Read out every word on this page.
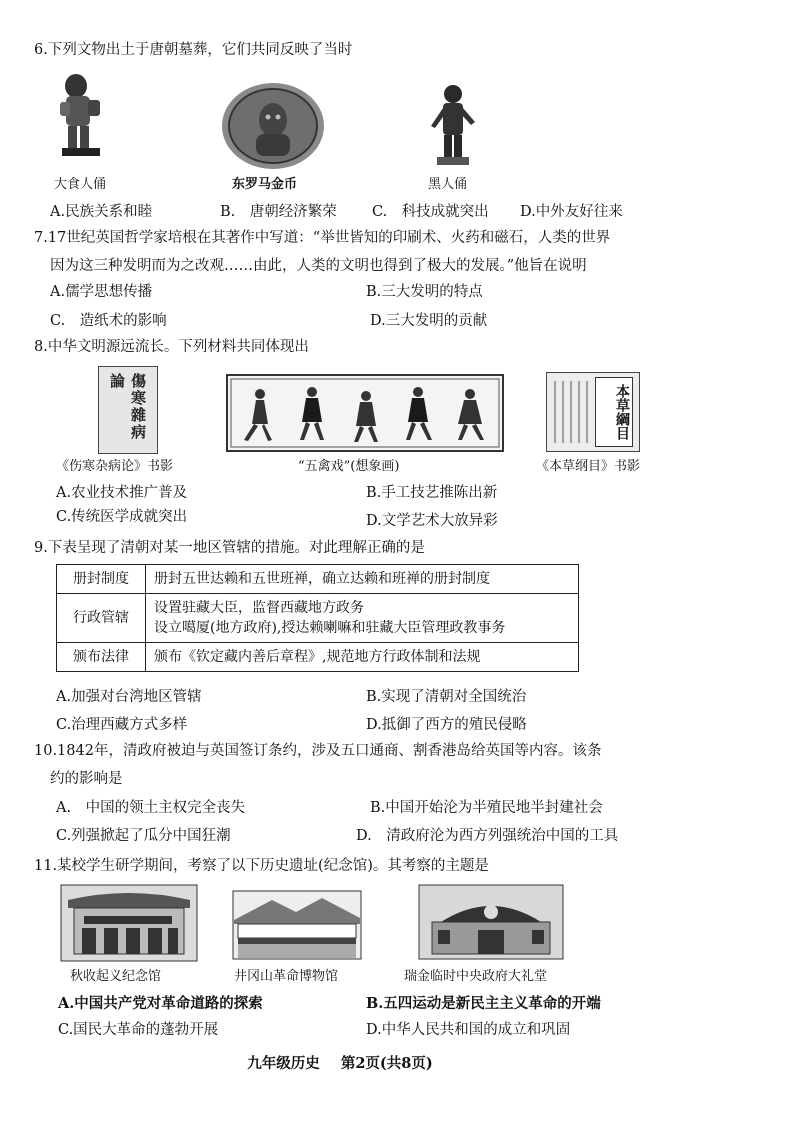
6.下列文物出土于唐朝墓葬，它们共同反映了当时
大食人俑	东罗马金币	黑人俑
A.民族关系和睦	B.　唐朝经济繁荣 C.　科技成就突出 D.中外友好往来
7.17世纪英国哲学家培根在其著作中写道：“举世皆知的印刷术、火药和磁石，人类的世界
因为这三种发明而为之改观……由此，人类的文明也得到了极大的发展。”他旨在说明
A.儒学思想传播	B.三大发明的特点
C.　造纸术的影响	D.三大发明的贡献
8.中华文明源远流长。下列材料共同体现出
傷寒雜病論
本草綱目
《伤寒杂病论》书影	“五禽戏”(想象画)	《本草纲目》书影
A.农业技术推广普及	B.手工技艺推陈出新
C.传统医学成就突出	D.文学艺术大放异彩
9.下表呈现了清朝对某一地区管辖的措施。对此理解正确的是
册封制度	册封五世达赖和五世班禅，确立达赖和班禅的册封制度

行政管辖	设置驻藏大臣，监督西藏地方政务
设立噶厦(地方政府),授达赖喇嘛和驻藏大臣管理政教事务

颁布法律	颁布《钦定藏内善后章程》,规范地方行政体制和法规
A.加强对台湾地区管辖	B.实现了清朝对全国统治
C.治理西藏方式多样	D.抵御了西方的殖民侵略
10.1842年，清政府被迫与英国签订条约，涉及五口通商、割香港岛给英国等内容。该条
约的影响是
A.　中国的领土主权完全丧失	B.中国开始沦为半殖民地半封建社会
C.列强掀起了瓜分中国狂潮	D.　清政府沦为西方列强统治中国的工具
11.某校学生研学期间，考察了以下历史遗址(纪念馆)。其考察的主题是
秋收起义纪念馆	井冈山革命博物馆	瑞金临时中央政府大礼堂
A.中国共产党对革命道路的探索	B.五四运动是新民主主义革命的开端
C.国民大革命的蓬勃开展	D.中华人民共和国的成立和巩固
九年级历史 第2页(共8页)
